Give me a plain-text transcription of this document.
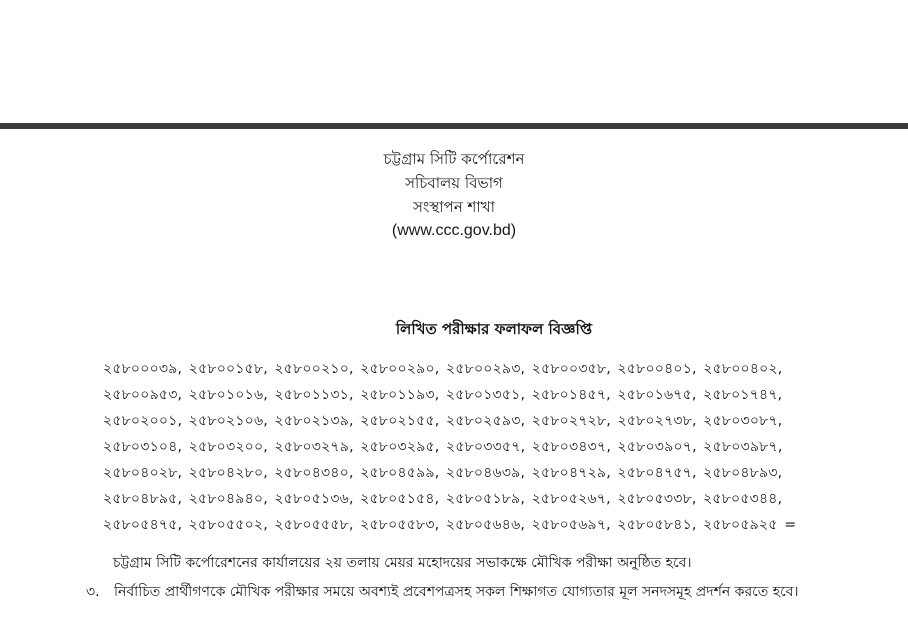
চট্টগ্রাম সিটি কর্পোরেশন
সচিবালয় বিভাগ
সংস্থাপন শাখা
(www.ccc.gov.bd)
লিখিত পরীক্ষার ফলাফল বিজ্ঞপ্তি
২৫৮০০০৩৯, ২৫৮০০১৫৮, ২৫৮০০২১০, ২৫৮০০২৯০, ২৫৮০০২৯৩, ২৫৮০০৩৫৮, ২৫৮০০৪০১, ২৫৮০০৪০২,
২৫৮০০৯৫৩, ২৫৮০১০১৬, ২৫৮০১১৩১, ২৫৮০১১৯৩, ২৫৮০১৩৫১, ২৫৮০১৪৫৭, ২৫৮০১৬৭৫, ২৫৮০১৭৪৭,
২৫৮০২০০১, ২৫৮০২১০৬, ২৫৮০২১৩৯, ২৫৮০২১৫৫, ২৫৮০২৫৯৩, ২৫৮০২৭২৮, ২৫৮০২৭৩৮, ২৫৮০৩০৮৭,
২৫৮০৩১০৪, ২৫৮০৩২০০, ২৫৮০৩২৭৯, ২৫৮০৩২৯৫, ২৫৮০৩৩৫৭, ২৫৮০৩৪৩৭, ২৫৮০৩৯০৭, ২৫৮০৩৯৮৭,
২৫৮০৪০২৮, ২৫৮০৪২৮০, ২৫৮০৪৩৪০, ২৫৮০৪৫৯৯, ২৫৮০৪৬৩৯, ২৫৮০৪৭২৯, ২৫৮০৪৭৫৭, ২৫৮০৪৮৯৩,
২৫৮০৪৮৯৫, ২৫৮০৪৯৪০, ২৫৮০৫১৩৬, ২৫৮০৫১৫৪, ২৫৮০৫১৮৯, ২৫৮০৫২৬৭, ২৫৮০৫৩৩৮, ২৫৮০৫৩৪৪,
২৫৮০৫৪৭৫, ২৫৮০৫৫০২, ২৫৮০৫৫৫৮, ২৫৮০৫৫৮৩, ২৫৮০৫৬৪৬, ২৫৮০৫৬৯৭, ২৫৮০৫৮৪১, ২৫৮০৫৯২৫ =
চট্টগ্রাম সিটি কর্পোরেশনের কার্যালয়ের ২য় তলায় মেয়র মহোদয়ের সভাকক্ষে মৌখিক পরীক্ষা অনুষ্ঠিত হবে।
৩.	নির্বাচিত প্রার্থীগণকে মৌখিক পরীক্ষার সময়ে অবশ্যই প্রবেশপত্রসহ সকল শিক্ষাগত যোগ্যতার মূল সনদসমূহ প্রদর্শন করতে হবে।
